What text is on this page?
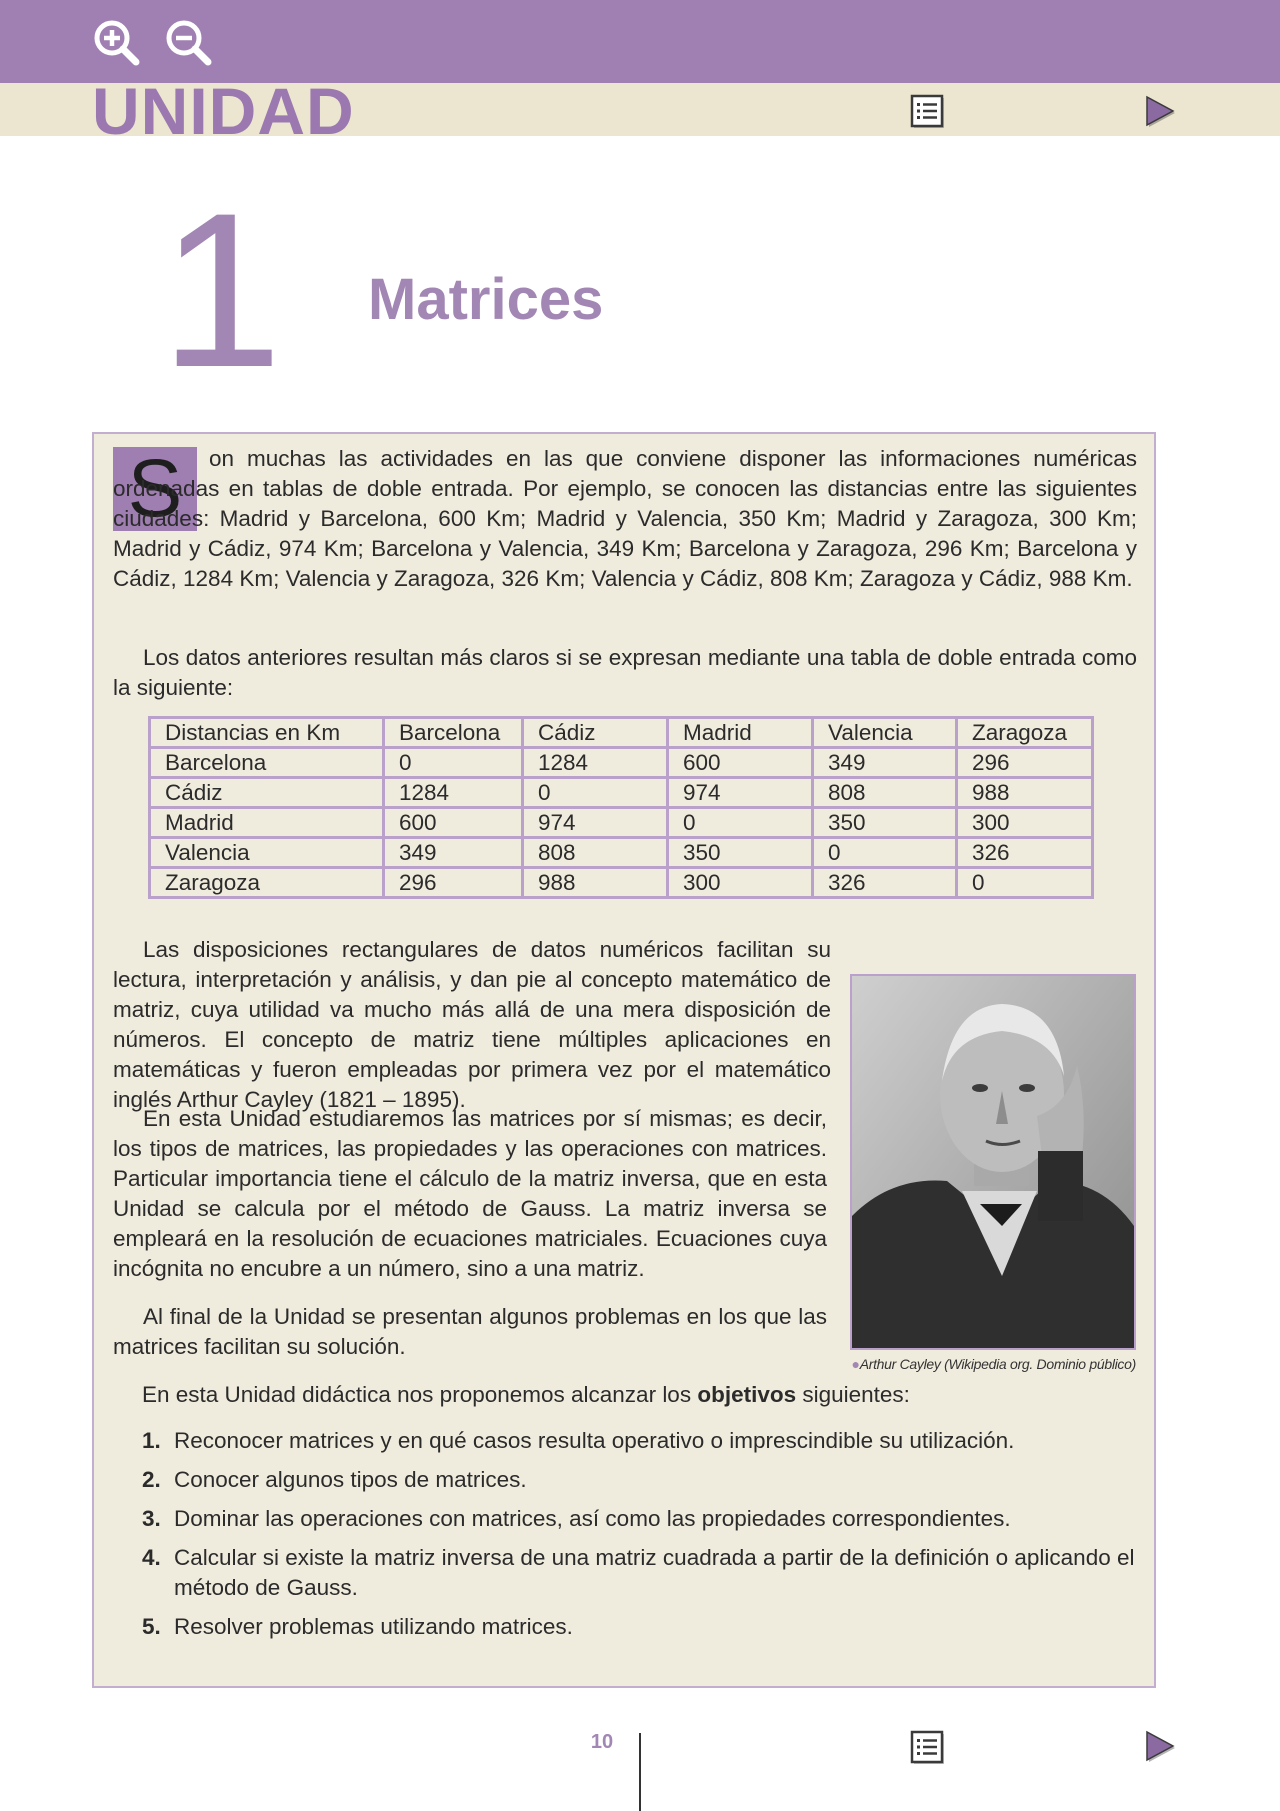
UNIDAD
1 Matrices
S	on muchas las actividades en las que conviene disponer las informaciones numéricas ordenadas en tablas de doble entrada. Por ejemplo, se conocen las distancias entre las siguientes ciudades: Madrid y Barcelona, 600 Km; Madrid y Valencia, 350 Km; Madrid y Zaragoza, 300 Km; Madrid y Cádiz, 974 Km; Barcelona y Valencia, 349 Km; Barcelona y Zaragoza, 296 Km; Barcelona y Cádiz, 1284 Km; Valencia y Zaragoza, 326 Km; Valencia y Cádiz, 808 Km; Zaragoza y Cádiz, 988 Km.
Los datos anteriores resultan más claros si se expresan mediante una tabla de doble entrada como la siguiente:
Distancias en Km	Barcelona	Cádiz	Madrid	Valencia	Zaragoza
Barcelona	0	1284	600	349	296
Cádiz	1284	0	974	808	988
Madrid	600	974	0	350	300
Valencia	349	808	350	0	326
Zaragoza	296	988	300	326	0
Las disposiciones rectangulares de datos numéricos facilitan su lectura, interpretación y análisis, y dan pie al concepto matemático de matriz, cuya utilidad va mucho más allá de una mera disposición de números. El concepto de matriz tiene múltiples aplicaciones en matemáticas y fueron empleadas por primera vez por el matemático inglés Arthur Cayley (1821 – 1895).
En esta Unidad estudiaremos las matrices por sí mismas; es decir, los tipos de matrices, las propiedades y las operaciones con matrices. Particular importancia tiene el cálculo de la matriz inversa, que en esta Unidad se calcula por el método de Gauss. La matriz inversa se empleará en la resolución de ecuaciones matriciales. Ecuaciones cuya incógnita no encubre a un número, sino a una matriz.
Al final de la Unidad se presentan algunos problemas en los que las matrices facilitan su solución.
●Arthur Cayley (Wikipedia org. Dominio público)
En esta Unidad didáctica nos proponemos alcanzar los objetivos siguientes:
1. Reconocer matrices y en qué casos resulta operativo o imprescindible su utilización.
2. Conocer algunos tipos de matrices.
3. Dominar las operaciones con matrices, así como las propiedades correspondientes.
4. Calcular si existe la matriz inversa de una matriz cuadrada a partir de la definición o aplicando el método de Gauss.
5. Resolver problemas utilizando matrices.
10
